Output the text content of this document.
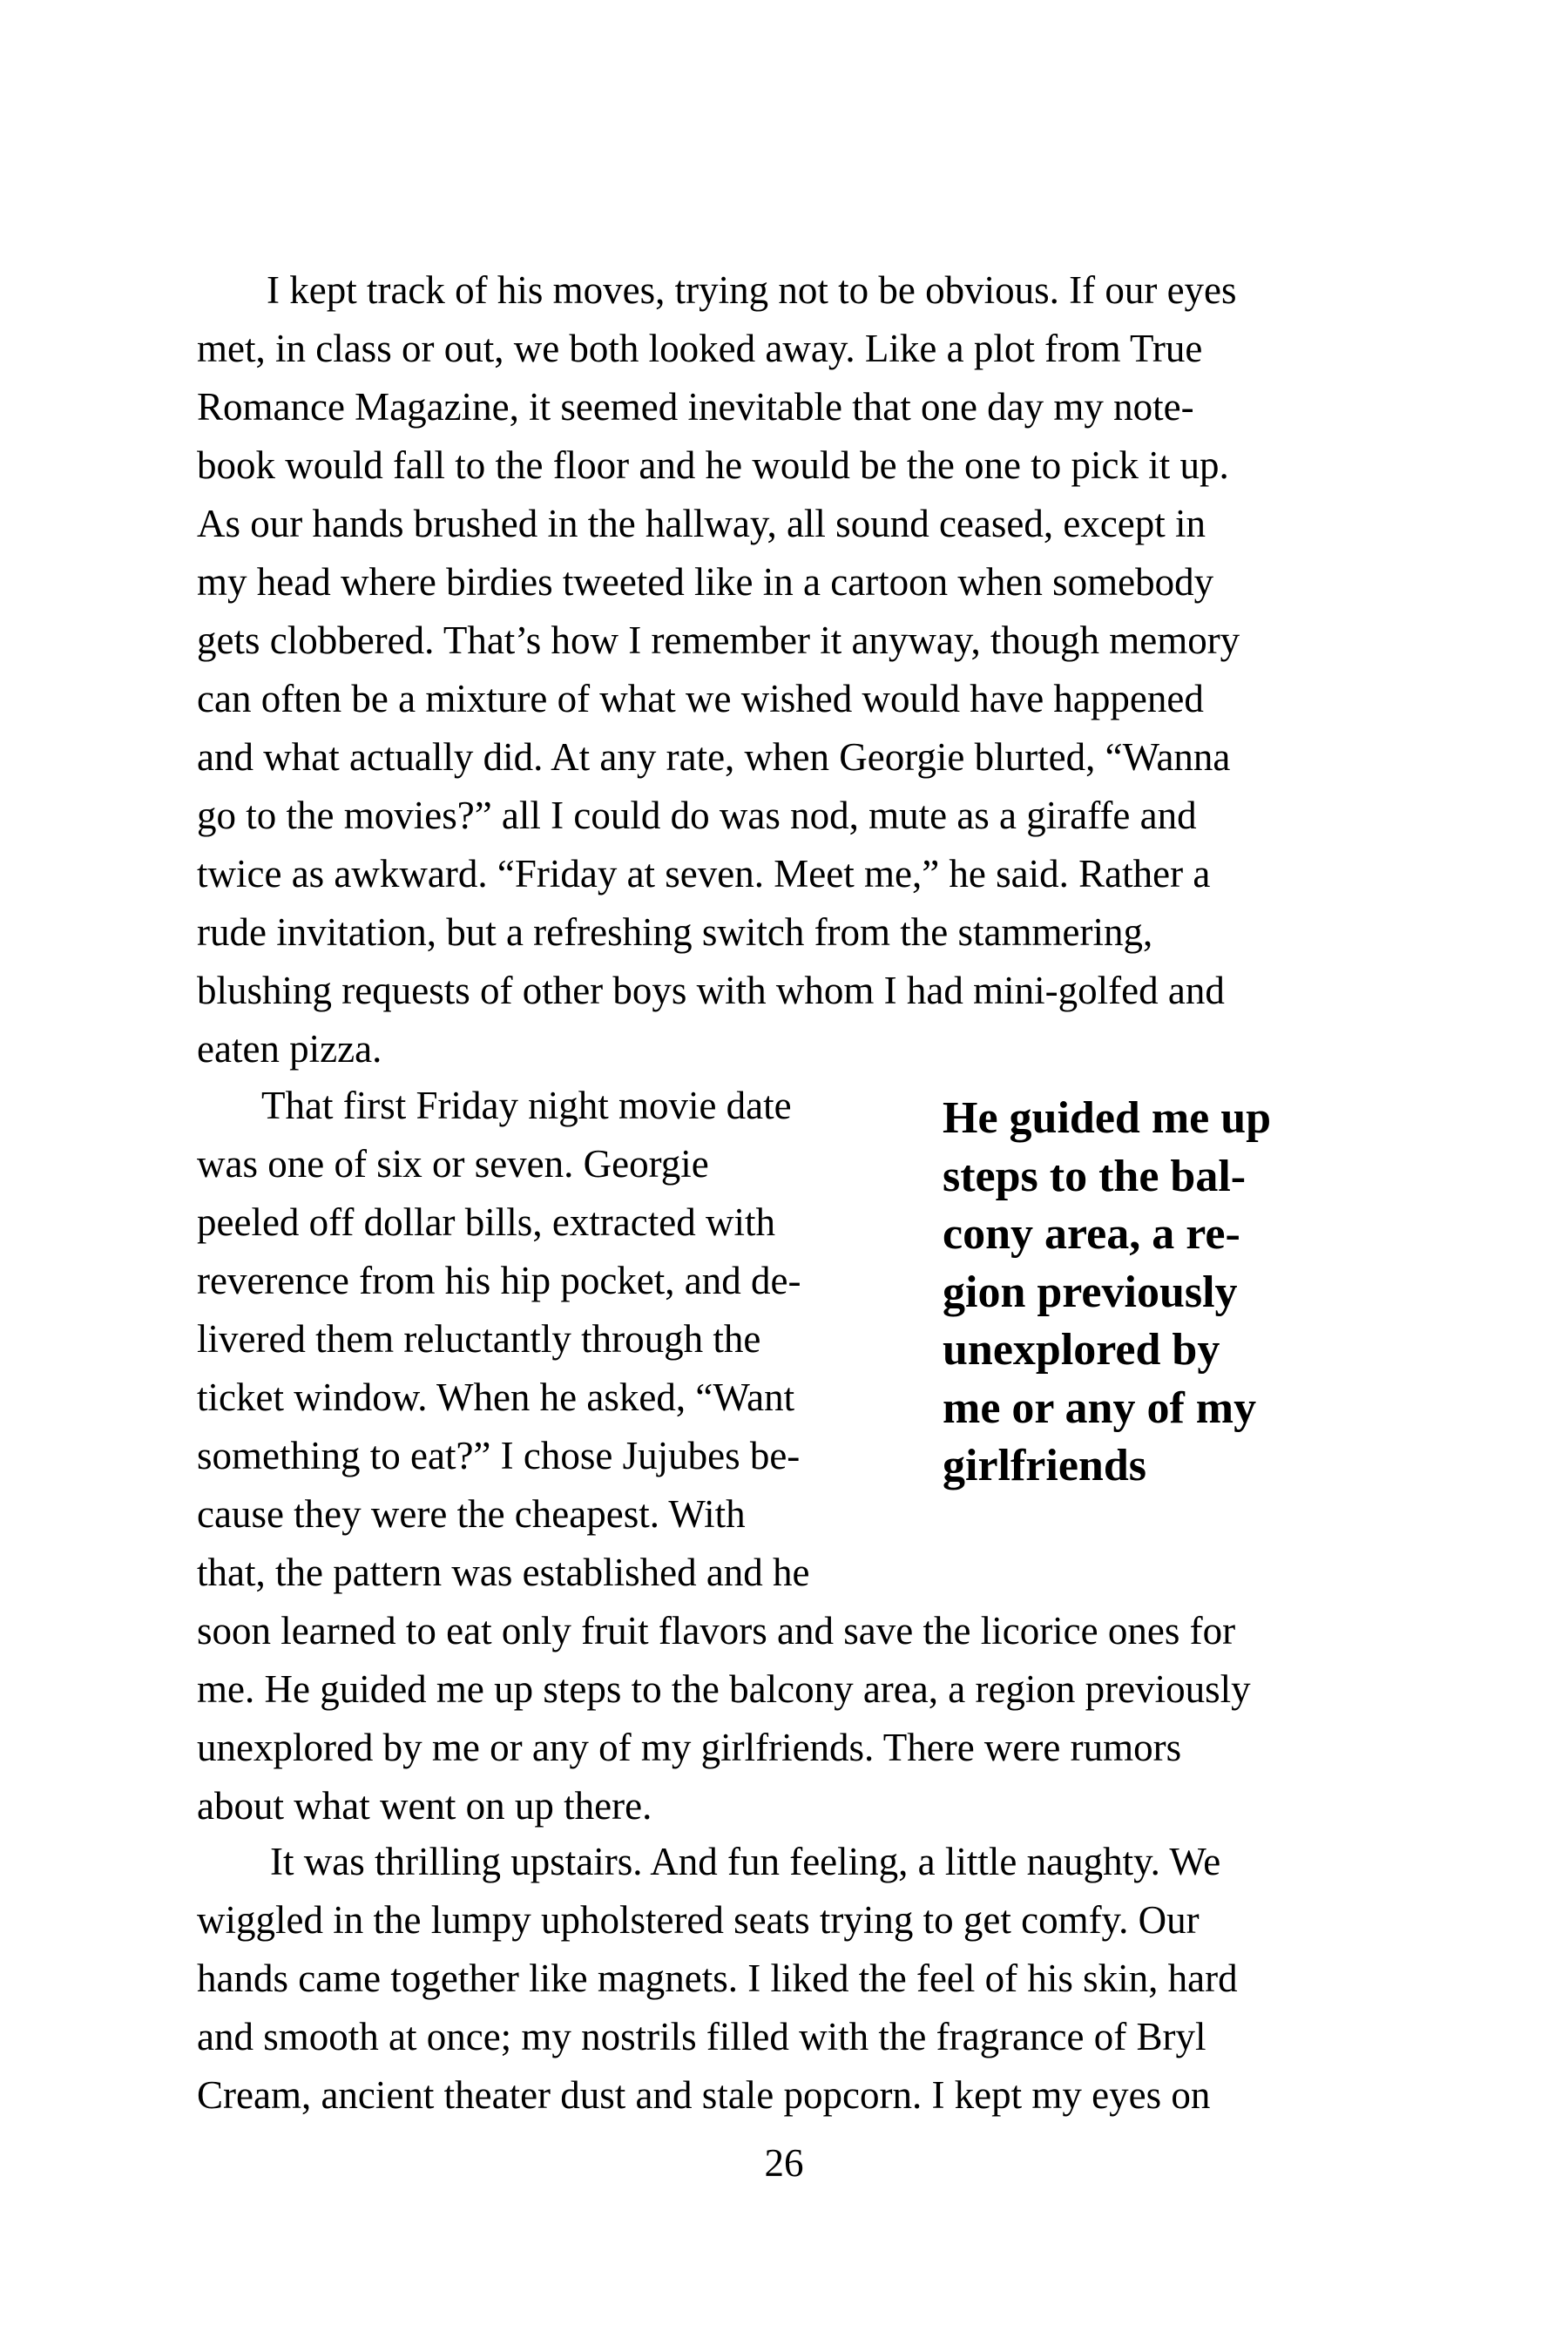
I kept track of his moves, trying not to be obvious. If our eyes

met, in class or out, we both looked away. Like a plot from True

Romance Magazine, it seemed inevitable that one day my note-

book would fall to the floor and he would be the one to pick it up.

As our hands brushed in the hallway, all sound ceased, except in

my head where birdies tweeted like in a cartoon when somebody

gets clobbered. That’s how I remember it anyway, though memory

can often be a mixture of what we wished would have happened

and what actually did. At any rate, when Georgie blurted, “Wanna

go to the movies?” all I could do was nod, mute as a giraffe and

twice as awkward. “Friday at seven. Meet me,” he said. Rather a

rude invitation, but a refreshing switch from the stammering,

blushing requests of other boys with whom I had mini-golfed and

eaten pizza.

That first Friday night movie date

was one of six or seven. Georgie

peeled off dollar bills, extracted with

reverence from his hip pocket, and de-

livered them reluctantly through the

ticket window. When he asked, “Want

something to eat?” I chose Jujubes be-

cause they were the cheapest. With

that, the pattern was established and he

soon learned to eat only fruit flavors and save the licorice ones for

me. He guided me up steps to the balcony area, a region previously

unexplored by me or any of my girlfriends. There were rumors

about what went on up there.

He guided me up
steps to the bal-
cony area, a re-
gion previously
unexplored by
me or any of my
girlfriends

It was thrilling upstairs. And fun feeling, a little naughty. We

wiggled in the lumpy upholstered seats trying to get comfy. Our

hands came together like magnets. I liked the feel of his skin, hard

and smooth at once; my nostrils filled with the fragrance of Bryl

Cream, ancient theater dust and stale popcorn. I kept my eyes on

26
